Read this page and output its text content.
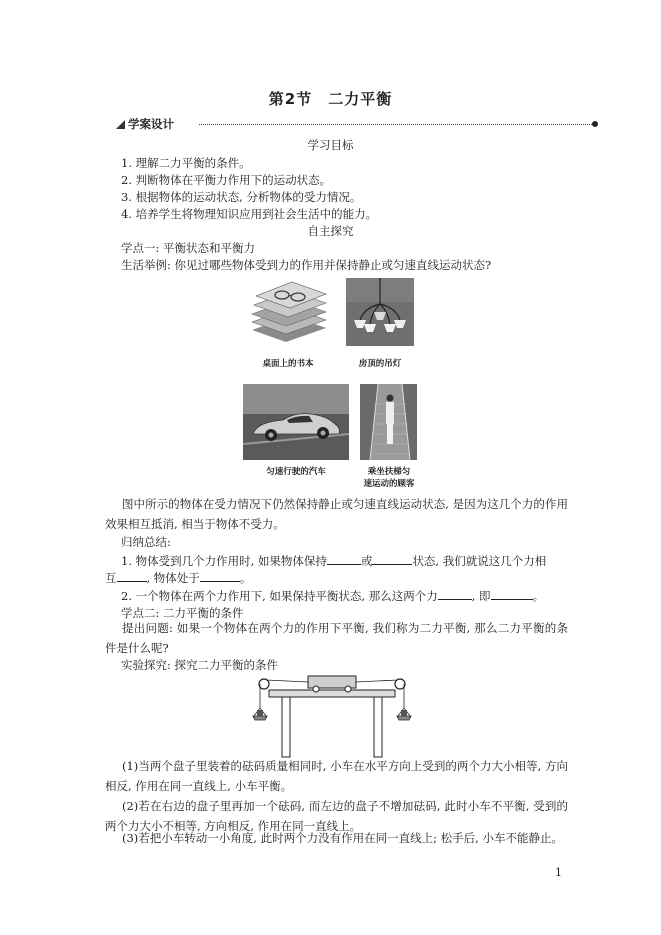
第2节　二力平衡
学案设计
学习目标
1. 理解二力平衡的条件。
2. 判断物体在平衡力作用下的运动状态。
3. 根据物体的运动状态, 分析物体的受力情况。
4. 培养学生将物理知识应用到社会生活中的能力。
自主探究
学点一: 平衡状态和平衡力
生活举例: 你见过哪些物体受到力的作用并保持静止或匀速直线运动状态?
桌面上的书本	房顶的吊灯
匀速行驶的汽车	乘坐扶梯匀
速运动的顾客
图中所示的物体在受力情况下仍然保持静止或匀速直线运动状态, 是因为这几个力的作用效果相互抵消, 相当于物体不受力。
归纳总结:
1. 物体受到几个力作用时, 如果物体保持	或	状态, 我们就说这几个力相
互	, 物体处于	。
2. 一个物体在两个力作用下, 如果保持平衡状态, 那么这两个力	, 即	。
学点二: 二力平衡的条件
提出问题: 如果一个物体在两个力的作用下平衡, 我们称为二力平衡, 那么二力平衡的条件是什么呢?
实验探究: 探究二力平衡的条件
(1)当两个盘子里装着的砝码质量相同时, 小车在水平方向上受到的两个力大小相等, 方向相反, 作用在同一直线上, 小车平衡。
(2)若在右边的盘子里再加一个砝码, 而左边的盘子不增加砝码, 此时小车不平衡, 受到的两个力大小不相等, 方向相反, 作用在同一直线上。
(3)若把小车转动一小角度, 此时两个力没有作用在同一直线上; 松手后, 小车不能静止。
1
